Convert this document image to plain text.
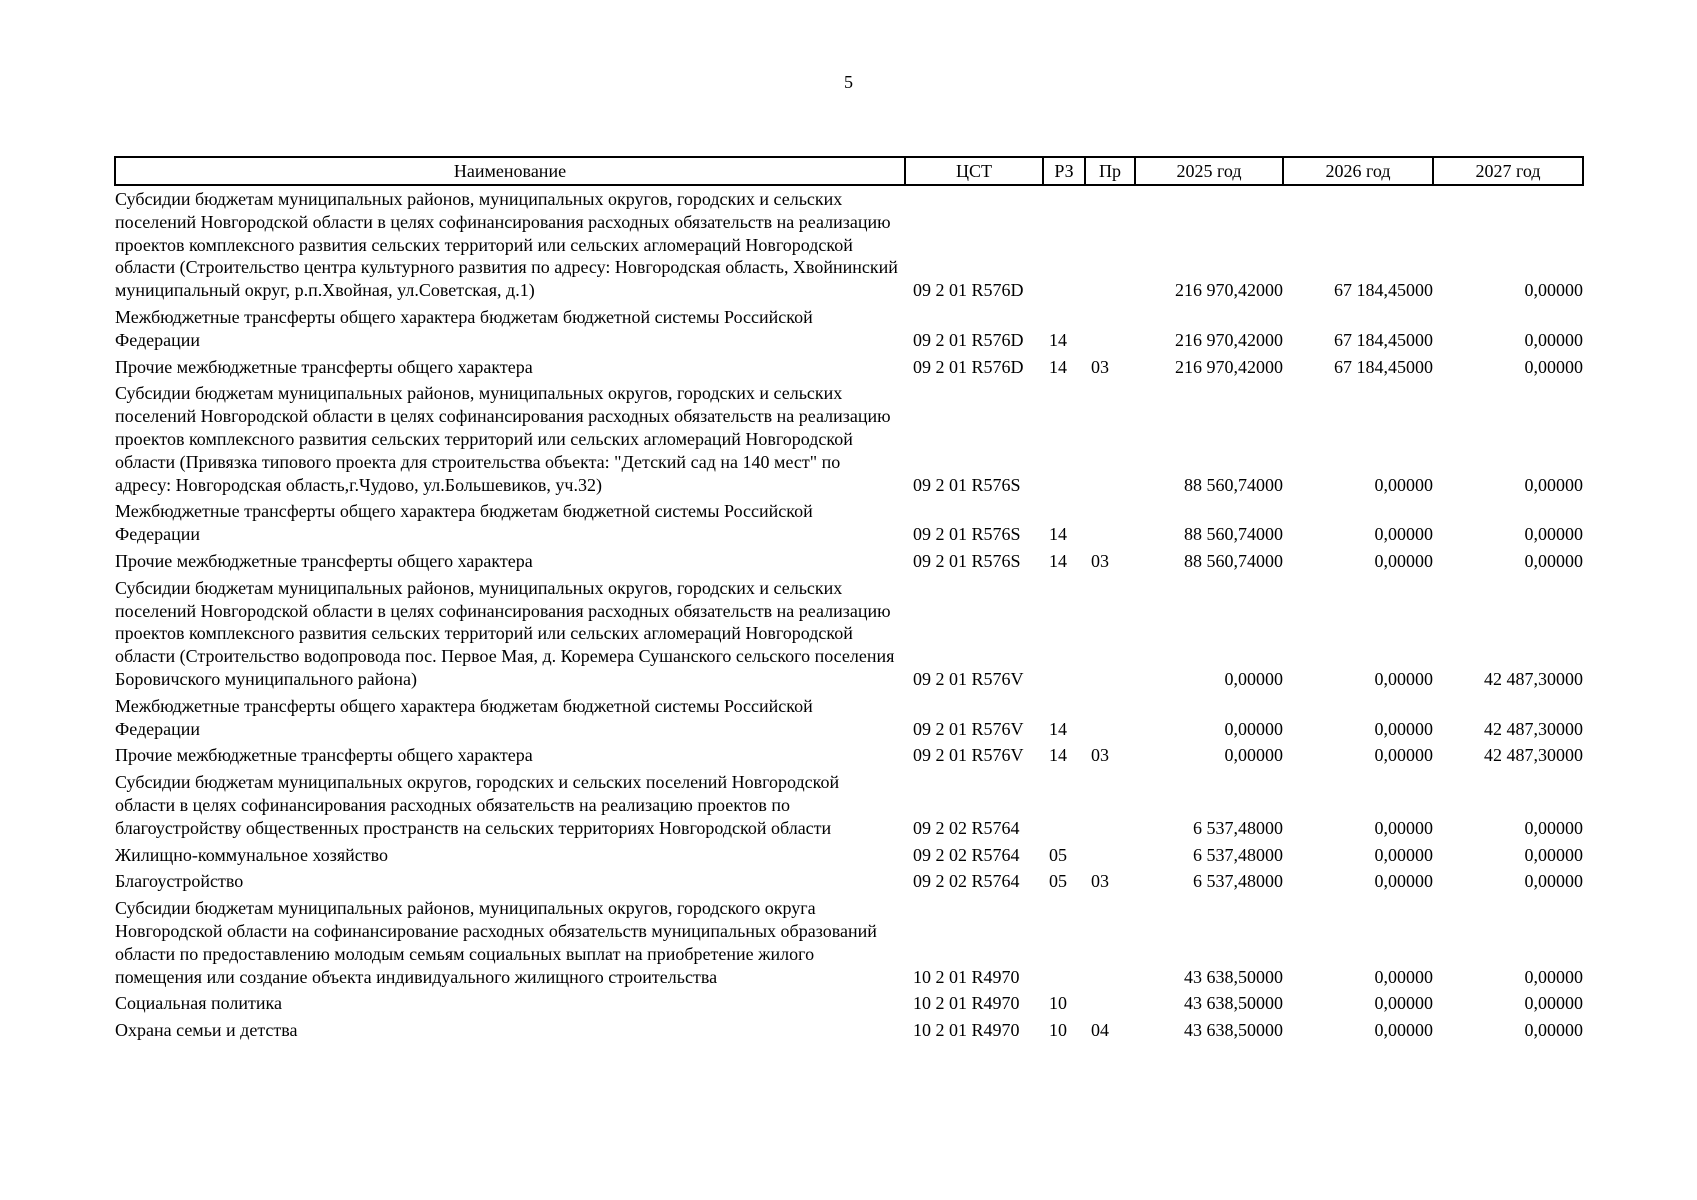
5
Наименование	ЦСТ	РЗ	Пр	2025 год	2026 год	2027 год
Субсидии бюджетам муниципальных районов, муниципальных округов, городских и сельских поселений Новгородской области в целях софинансирования расходных обязательств на реализацию проектов комплексного развития сельских территорий или сельских агломераций Новгородской области (Строительство центра культурного развития по адресу: Новгородская область, Хвойнинский муниципальный округ, р.п.Хвойная, ул.Советская, д.1)	09 2 01 R576D			216 970,42000	67 184,45000	0,00000
Межбюджетные трансферты общего характера бюджетам бюджетной системы Российской Федерации	09 2 01 R576D	14		216 970,42000	67 184,45000	0,00000
Прочие межбюджетные трансферты общего характера	09 2 01 R576D	14	03	216 970,42000	67 184,45000	0,00000
Субсидии бюджетам муниципальных районов, муниципальных округов, городских и сельских поселений Новгородской области в целях софинансирования расходных обязательств на реализацию проектов комплексного развития сельских территорий или сельских агломераций Новгородской области (Привязка типового проекта для строительства объекта: "Детский сад на 140 мест" по адресу: Новгородская область,г.Чудово, ул.Большевиков, уч.32)	09 2 01 R576S			88 560,74000	0,00000	0,00000
Межбюджетные трансферты общего характера бюджетам бюджетной системы Российской Федерации	09 2 01 R576S	14		88 560,74000	0,00000	0,00000
Прочие межбюджетные трансферты общего характера	09 2 01 R576S	14	03	88 560,74000	0,00000	0,00000
Субсидии бюджетам муниципальных районов, муниципальных округов, городских и сельских поселений Новгородской области в целях софинансирования расходных обязательств на реализацию проектов комплексного развития сельских территорий или сельских агломераций Новгородской области (Строительство водопровода пос. Первое Мая, д. Коремера Сушанского сельского поселения Боровичского муниципального района)	09 2 01 R576V			0,00000	0,00000	42 487,30000
Межбюджетные трансферты общего характера бюджетам бюджетной системы Российской Федерации	09 2 01 R576V	14		0,00000	0,00000	42 487,30000
Прочие межбюджетные трансферты общего характера	09 2 01 R576V	14	03	0,00000	0,00000	42 487,30000
Субсидии бюджетам муниципальных округов, городских и сельских поселений Новгородской области в целях софинансирования расходных обязательств на реализацию проектов по благоустройству общественных пространств на сельских территориях Новгородской области	09 2 02 R5764			6 537,48000	0,00000	0,00000
Жилищно-коммунальное хозяйство	09 2 02 R5764	05		6 537,48000	0,00000	0,00000
Благоустройство	09 2 02 R5764	05	03	6 537,48000	0,00000	0,00000
Субсидии бюджетам муниципальных районов, муниципальных округов, городского округа Новгородской области на софинансирование расходных обязательств муниципальных образований области по предоставлению молодым семьям социальных выплат на приобретение жилого помещения или создание объекта индивидуального жилищного строительства	10 2 01 R4970			43 638,50000	0,00000	0,00000
Социальная политика	10 2 01 R4970	10		43 638,50000	0,00000	0,00000
Охрана семьи и детства	10 2 01 R4970	10	04	43 638,50000	0,00000	0,00000
